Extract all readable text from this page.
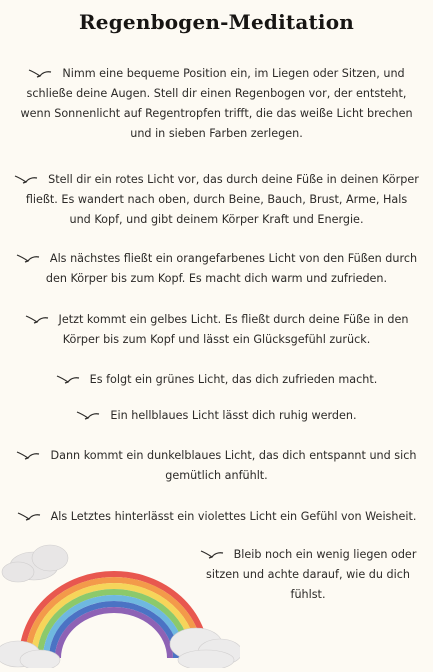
Regenbogen-Meditation
Nimm eine bequeme Position ein, im Liegen oder Sitzen, und schließe deine Augen. Stell dir einen Regenbogen vor, der entsteht, wenn Sonnenlicht auf Regentropfen trifft, die das weiße Licht brechen und in sieben Farben zerlegen.
Stell dir ein rotes Licht vor, das durch deine Füße in deinen Körper fließt. Es wandert nach oben, durch Beine, Bauch, Brust, Arme, Hals und Kopf, und gibt deinem Körper Kraft und Energie.
Als nächstes fließt ein orangefarbenes Licht von den Füßen durch den Körper bis zum Kopf. Es macht dich warm und zufrieden.
Jetzt kommt ein gelbes Licht. Es fließt durch deine Füße in den Körper bis zum Kopf und lässt ein Glücksgefühl zurück.
Es folgt ein grünes Licht, das dich zufrieden macht.
Ein hellblaues Licht lässt dich ruhig werden.
Dann kommt ein dunkelblaues Licht, das dich entspannt und sich gemütlich anfühlt.
Als Letztes hinterlässt ein violettes Licht ein Gefühl von Weisheit.
Bleib noch ein wenig liegen oder sitzen und achte darauf, wie du dich fühlst.
